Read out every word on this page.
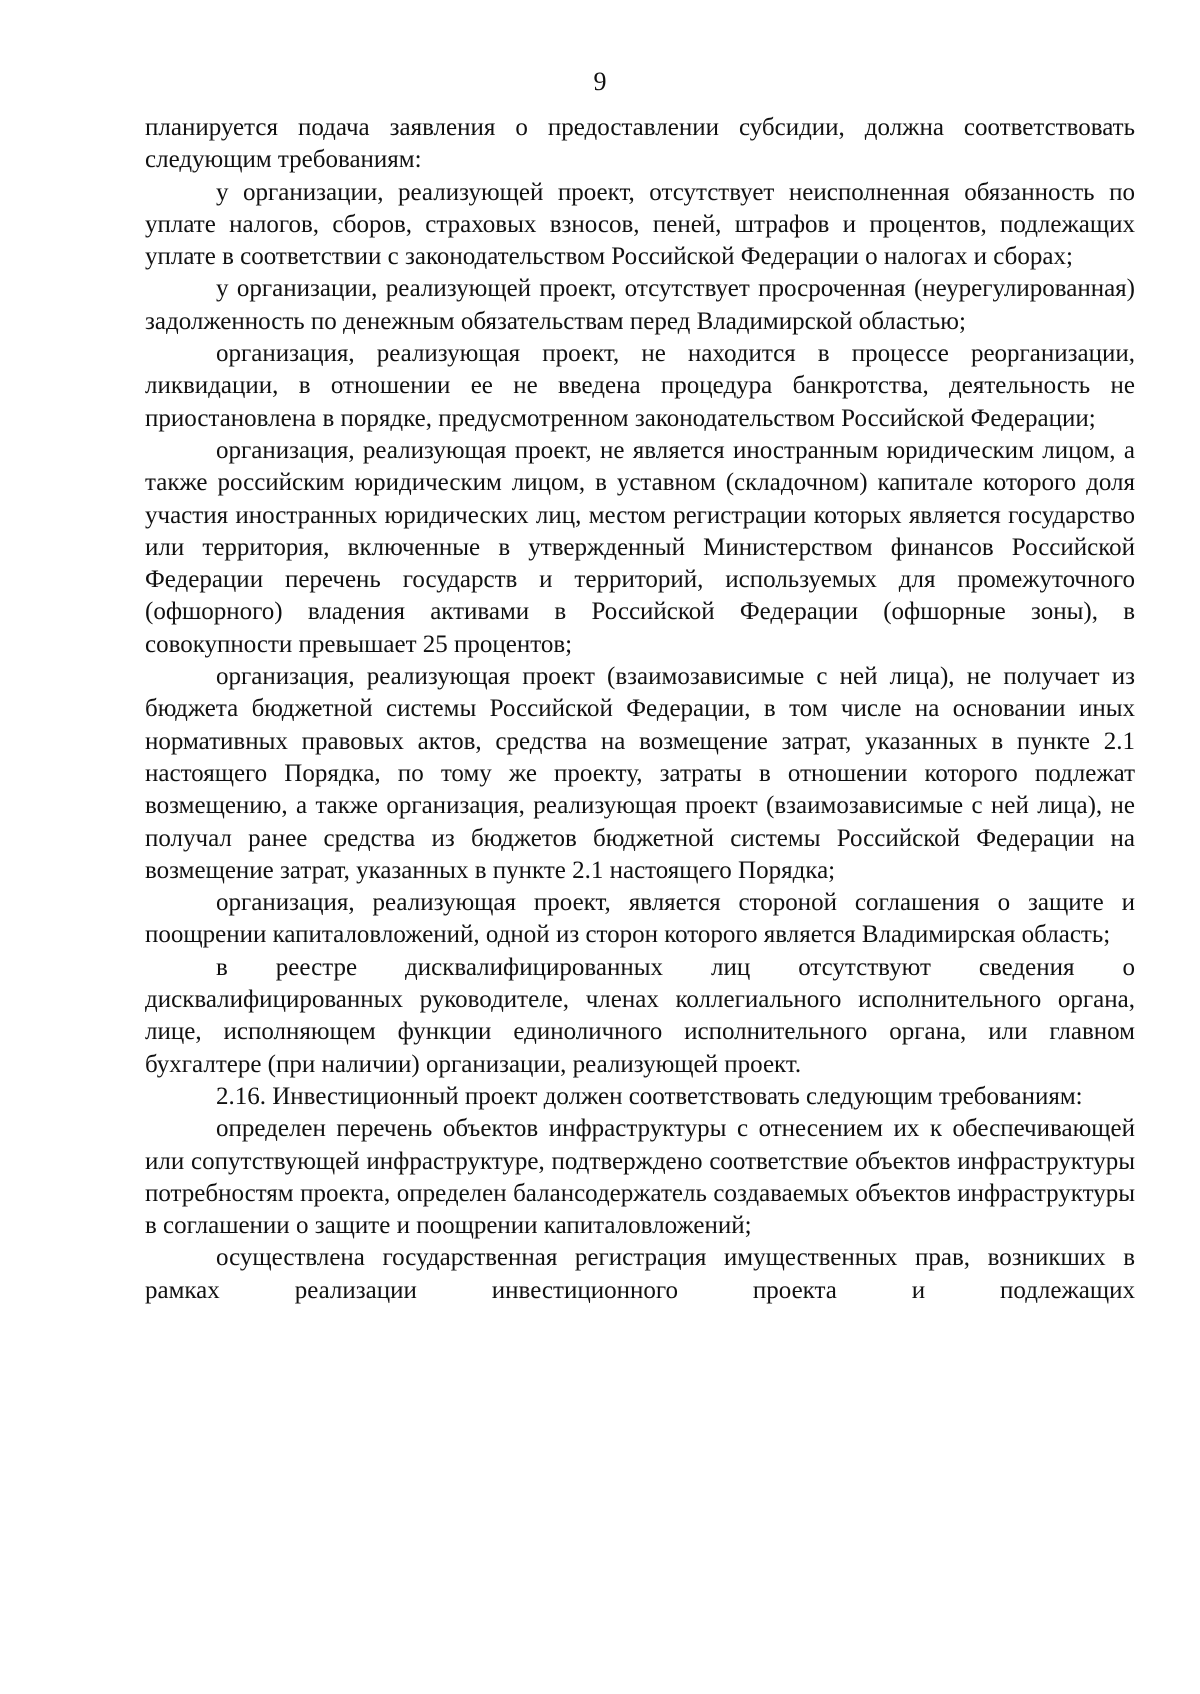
9

планируется подача заявления о предоставлении субсидии, должна соответствовать следующим требованиям:

у организации, реализующей проект, отсутствует неисполненная обязанность по уплате налогов, сборов, страховых взносов, пеней, штрафов и процентов, подлежащих уплате в соответствии с законодательством Российской Федерации о налогах и сборах;

у организации, реализующей проект, отсутствует просроченная (неурегулированная) задолженность по денежным обязательствам перед Владимирской областью;

организация, реализующая проект, не находится в процессе реорганизации, ликвидации, в отношении ее не введена процедура банкротства, деятельность не приостановлена в порядке, предусмотренном законодательством Российской Федерации;

организация, реализующая проект, не является иностранным юридическим лицом, а также российским юридическим лицом, в уставном (складочном) капитале которого доля участия иностранных юридических лиц, местом регистрации которых является государство или территория, включенные в утвержденный Министерством финансов Российской Федерации перечень государств и территорий, используемых для промежуточного (офшорного) владения активами в Российской Федерации (офшорные зоны), в совокупности превышает 25 процентов;

организация, реализующая проект (взаимозависимые с ней лица), не получает из бюджета бюджетной системы Российской Федерации, в том числе на основании иных нормативных правовых актов, средства на возмещение затрат, указанных в пункте 2.1 настоящего Порядка, по тому же проекту, затраты в отношении которого подлежат возмещению, а также организация, реализующая проект (взаимозависимые с ней лица), не получал ранее средства из бюджетов бюджетной системы Российской Федерации на возмещение затрат, указанных в пункте 2.1 настоящего Порядка;

организация, реализующая проект, является стороной соглашения о защите и поощрении капиталовложений, одной из сторон которого является Владимирская область;

в реестре дисквалифицированных лиц отсутствуют сведения о дисквалифицированных руководителе, членах коллегиального исполнительного органа, лице, исполняющем функции единоличного исполнительного органа, или главном бухгалтере (при наличии) организации, реализующей проект.

2.16. Инвестиционный проект должен соответствовать следующим требованиям:

определен перечень объектов инфраструктуры с отнесением их к обеспечивающей или сопутствующей инфраструктуре, подтверждено соответствие объектов инфраструктуры потребностям проекта, определен балансодержатель создаваемых объектов инфраструктуры в соглашении о защите и поощрении капиталовложений;

осуществлена государственная регистрация имущественных прав, возникших в рамках реализации инвестиционного проекта и подлежащих
